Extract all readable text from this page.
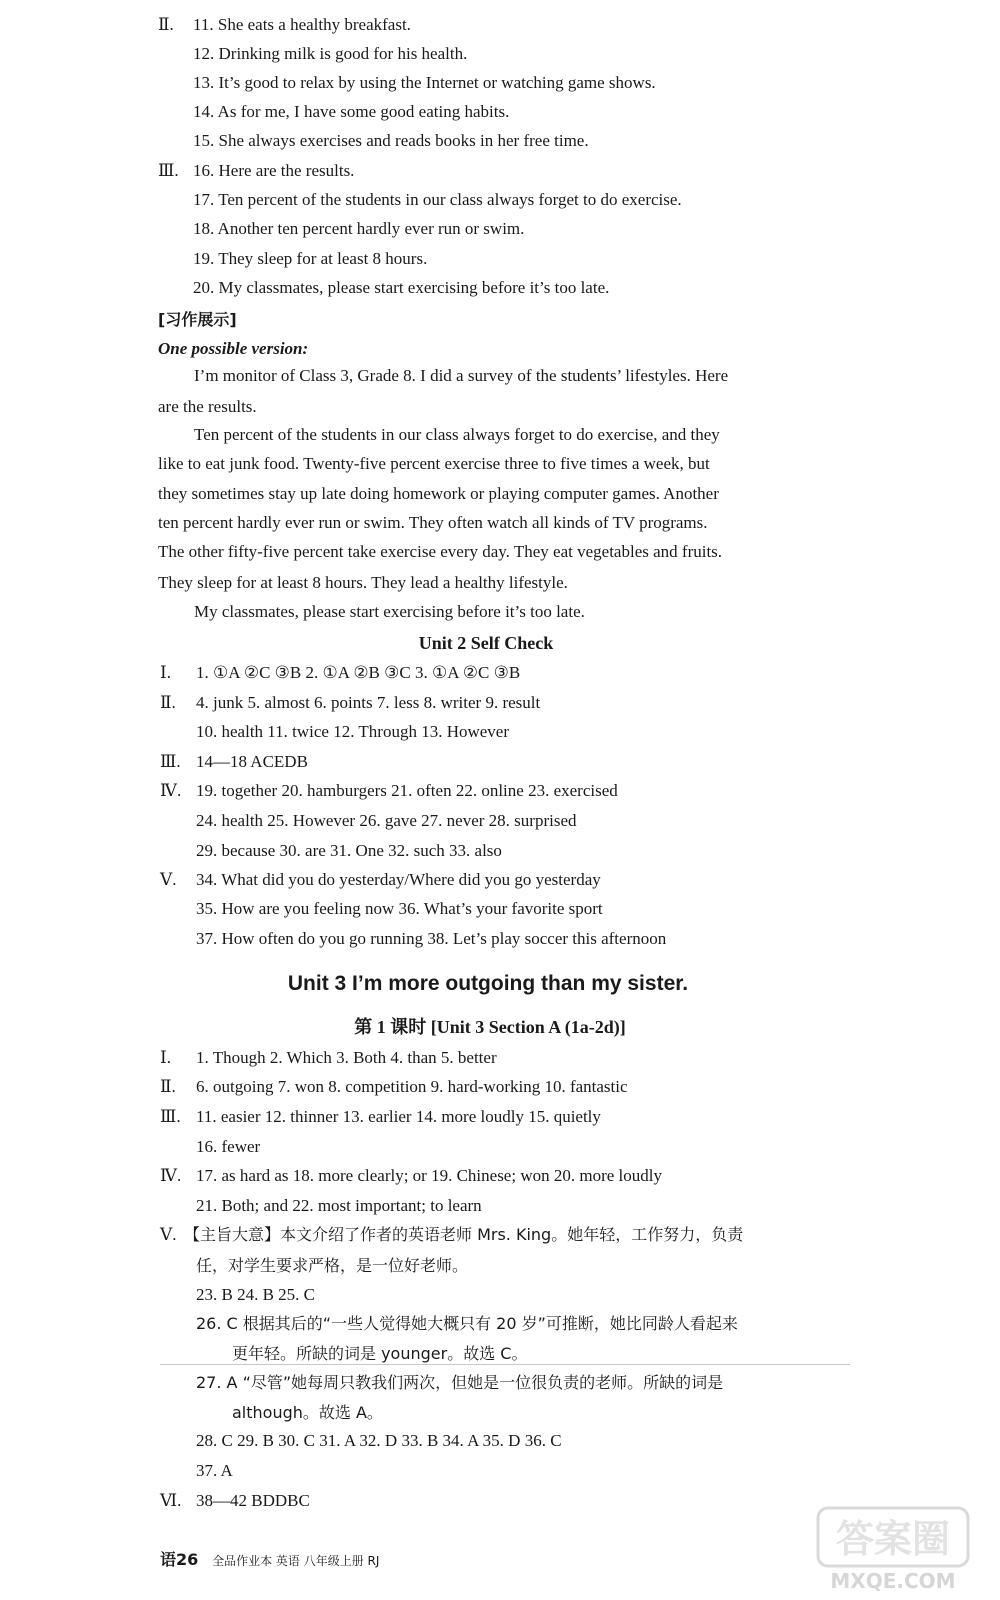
Ⅱ. 11. She eats a healthy breakfast.
12. Drinking milk is good for his health.
13. It’s good to relax by using the Internet or watching game shows.
14. As for me, I have some good eating habits.
15. She always exercises and reads books in her free time.
Ⅲ. 16. Here are the results.
17. Ten percent of the students in our class always forget to do exercise.
18. Another ten percent hardly ever run or swim.
19. They sleep for at least 8 hours.
20. My classmates, please start exercising before it’s too late.
[习作展示]
One possible version:
I’m monitor of Class 3, Grade 8. I did a survey of the students’ lifestyles. Here
are the results.
Ten percent of the students in our class always forget to do exercise, and they
like to eat junk food. Twenty-five percent exercise three to five times a week, but
they sometimes stay up late doing homework or playing computer games. Another
ten percent hardly ever run or swim. They often watch all kinds of TV programs.
The other fifty-five percent take exercise every day. They eat vegetables and fruits.
They sleep for at least 8 hours. They lead a healthy lifestyle.
My classmates, please start exercising before it’s too late.
Unit 2 Self Check
Ⅰ. 1. ①A ②C ③B 2. ①A ②B ③C 3. ①A ②C ③B
Ⅱ. 4. junk 5. almost 6. points 7. less 8. writer 9. result
10. health 11. twice 12. Through 13. However
Ⅲ. 14—18 ACEDB
Ⅳ. 19. together 20. hamburgers 21. often 22. online 23. exercised
24. health 25. However 26. gave 27. never 28. surprised
29. because 30. are 31. One 32. such 33. also
Ⅴ. 34. What did you do yesterday/Where did you go yesterday
35. How are you feeling now 36. What’s your favorite sport
37. How often do you go running 38. Let’s play soccer this afternoon
Unit 3 I’m more outgoing than my sister.
第 1 课时 [Unit 3 Section A (1a-2d)]
Ⅰ. 1. Though 2. Which 3. Both 4. than 5. better
Ⅱ. 6. outgoing 7. won 8. competition 9. hard-working 10. fantastic
Ⅲ. 11. easier 12. thinner 13. earlier 14. more loudly 15. quietly
16. fewer
Ⅳ. 17. as hard as 18. more clearly; or 19. Chinese; won 20. more loudly
21. Both; and 22. most important; to learn
Ⅴ. 【主旨大意】本文介绍了作者的英语老师 Mrs. King。她年轻，工作努力，负责
任，对学生要求严格，是一位好老师。
23. B 24. B 25. C
26. C 根据其后的“一些人觉得她大概只有 20 岁”可推断，她比同龄人看起来
更年轻。所缺的词是 younger。故选 C。
27. A “尽管”她每周只教我们两次，但她是一位很负责的老师。所缺的词是
although。故选 A。
28. C 29. B 30. C 31. A 32. D 33. B 34. A 35. D 36. C
37. A
Ⅵ. 38—42 BDDBC
语26 全品作业本 英语 八年级上册 RJ	答案圈
MXQE.COM
